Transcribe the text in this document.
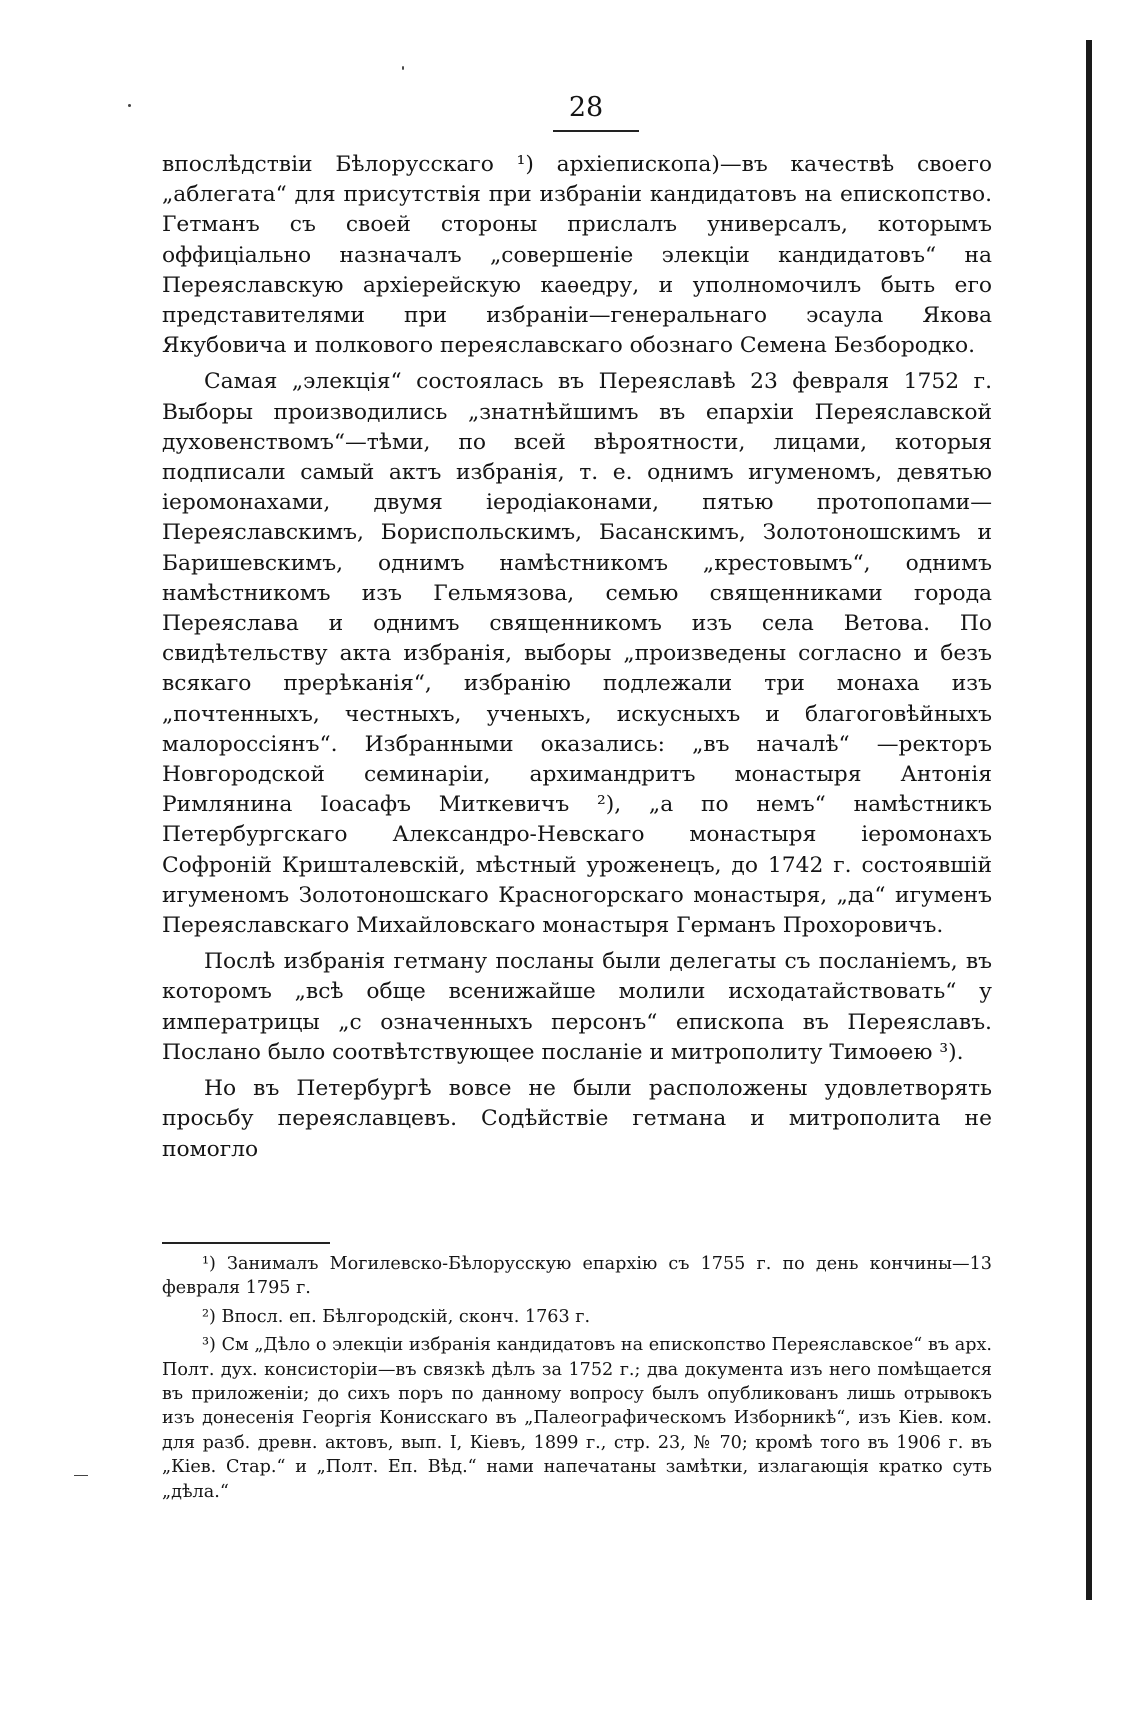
28

впослѣдствіи Бѣлорусскаго ¹) архіепископа)—въ качествѣ своего „аблегата“ для присутствія при избраніи кандидатовъ на епископство. Гетманъ съ своей стороны прислалъ универсалъ, которымъ оффиціально назначалъ „совершеніе элекціи кандидатовъ“ на Переяславскую архіерейскую каѳедру, и уполномочилъ быть его представителями при избраніи—генеральнаго эсаула Якова Якубовича и полкового переяславскаго обознаго Семена Безбородко.

Самая „элекція“ состоялась въ Переяславѣ 23 февраля 1752 г. Выборы производились „знатнѣйшимъ въ епархіи Переяславской духовенствомъ“—тѣми, по всей вѣроятности, лицами, которыя подписали самый актъ избранія, т. е. однимъ игуменомъ, девятью іеромонахами, двумя іеродіаконами, пятью протопопами—Переяславскимъ, Бориспольскимъ, Басанскимъ, Золотоношскимъ и Баришевскимъ, однимъ намѣстникомъ „крестовымъ“, однимъ намѣстникомъ изъ Гельмязова, семью священниками города Переяслава и однимъ священникомъ изъ села Ветова. По свидѣтельству акта избранія, выборы „произведены согласно и безъ всякаго прерѣканія“, избранію подлежали три монаха изъ „почтенныхъ, честныхъ, ученыхъ, искусныхъ и благоговѣйныхъ малороссіянъ“. Избранными оказались: „въ началѣ“ —ректоръ Новгородской семинаріи, архимандритъ монастыря Антонія Римлянина Іоасафъ Миткевичъ ²), „а по немъ“ намѣстникъ Петербургскаго Александро-Невскаго монастыря іеромонахъ Софроній Кришталевскій, мѣстный уроженецъ, до 1742 г. состоявшій игуменомъ Золотоношскаго Красногорскаго монастыря, „да“ игуменъ Переяславскаго Михайловскаго монастыря Германъ Прохоровичъ.

Послѣ избранія гетману посланы были делегаты съ посланіемъ, въ которомъ „всѣ обще всенижайше молили исходатайствовать“ у императрицы „с означенныхъ персонъ“ епископа въ Переяславъ. Послано было соотвѣтствующее посланіе и митрополиту Тимоѳею ³).

Но въ Петербургѣ вовсе не были расположены удовлетворять просьбу переяславцевъ. Содѣйствіе гетмана и митрополита не помогло

¹) Занималъ Могилевско-Бѣлорусскую епархію съ 1755 г. по день кончины—13 февраля 1795 г.

²) Впосл. еп. Бѣлгородскій, сконч. 1763 г.

³) См „Дѣло о элекціи избранія кандидатовъ на епископство Переяславское“ въ арх. Полт. дух. консисторіи—въ связкѣ дѣлъ за 1752 г.; два документа изъ него помѣщается въ приложеніи; до сихъ поръ по данному вопросу былъ опубликованъ лишь отрывокъ изъ донесенія Георгія Конисскаго въ „Палеографическомъ Изборникѣ“, изъ Кіев. ком. для разб. древн. актовъ, вып. I, Кіевъ, 1899 г., стр. 23, № 70; кромѣ того въ 1906 г. въ „Кіев. Стар.“ и „Полт. Еп. Вѣд.“ нами напечатаны замѣтки, излагающія кратко суть „дѣла.“
